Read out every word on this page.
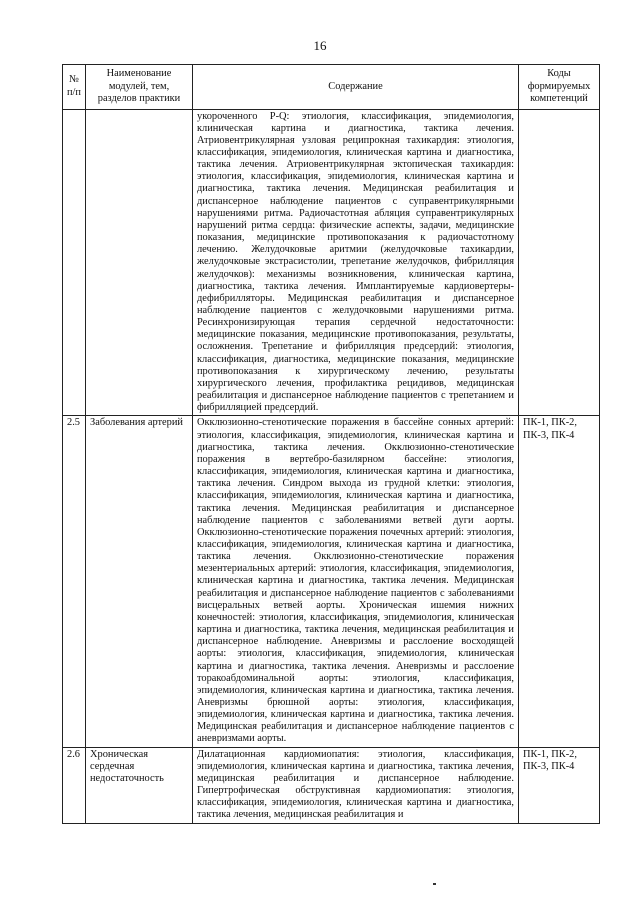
16
№ п/п	Наименование модулей, тем, разделов практики	Содержание	Коды формируемых компетенций
		укороченного P-Q: этиология, классификация, эпидемиология, клиническая картина и диагностика, тактика лечения. Атриовентрикулярная узловая реципрокная тахикардия: этиология, классификация, эпидемиология, клиническая картина и диагностика, тактика лечения. Атриовентрикулярная эктопическая тахикардия: этиология, классификация, эпидемиология, клиническая картина и диагностика, тактика лечения. Медицинская реабилитация и диспансерное наблюдение пациентов с суправентрикулярными нарушениями ритма. Радиочастотная абляция суправентрикулярных нарушений ритма сердца: физические аспекты, задачи, медицинские показания, медицинские противопоказания к радиочастотному лечению. Желудочковые аритмии (желудочковые тахикардии, желудочковые экстрасистолии, трепетание желудочков, фибрилляция желудочков): механизмы возникновения, клиническая картина, диагностика, тактика лечения. Имплантируемые кардиовертеры-дефибрилляторы. Медицинская реабилитация и диспансерное наблюдение пациентов с желудочковыми нарушениями ритма. Ресинхронизирующая терапия сердечной недостаточности: медицинские показания, медицинские противопоказания, результаты, осложнения. Трепетание и фибрилляция предсердий: этиология, классификация, диагностика, медицинские показания, медицинские противопоказания к хирургическому лечению, результаты хирургического лечения, профилактика рецидивов, медицинская реабилитация и диспансерное наблюдение пациентов с трепетанием и фибрилляцией предсердий.	
2.5	Заболевания артерий	Окклюзионно-стенотические поражения в бассейне сонных артерий: этиология, классификация, эпидемиология, клиническая картина и диагностика, тактика лечения. Окклюзионно-стенотические поражения в вертебро-базилярном бассейне: этиология, классификация, эпидемиология, клиническая картина и диагностика, тактика лечения. Синдром выхода из грудной клетки: этиология, классификация, эпидемиология, клиническая картина и диагностика, тактика лечения. Медицинская реабилитация и диспансерное наблюдение пациентов с заболеваниями ветвей дуги аорты. Окклюзионно-стенотические поражения почечных артерий: этиология, классификация, эпидемиология, клиническая картина и диагностика, тактика лечения. Окклюзионно-стенотические поражения мезентериальных артерий: этиология, классификация, эпидемиология, клиническая картина и диагностика, тактика лечения. Медицинская реабилитация и диспансерное наблюдение пациентов с заболеваниями висцеральных ветвей аорты. Хроническая ишемия нижних конечностей: этиология, классификация, эпидемиология, клиническая картина и диагностика, тактика лечения, медицинская реабилитация и диспансерное наблюдение. Аневризмы и расслоение восходящей аорты: этиология, классификация, эпидемиология, клиническая картина и диагностика, тактика лечения. Аневризмы и расслоение торакоабдоминальной аорты: этиология, классификация, эпидемиология, клиническая картина и диагностика, тактика лечения. Аневризмы брюшной аорты: этиология, классификация, эпидемиология, клиническая картина и диагностика, тактика лечения. Медицинская реабилитация и диспансерное наблюдение пациентов с аневризмами аорты.	ПК-1, ПК-2, ПК-3, ПК-4
2.6	Хроническая сердечная недостаточность	Дилатационная кардиомиопатия: этиология, классификация, эпидемиология, клиническая картина и диагностика, тактика лечения, медицинская реабилитация и диспансерное наблюдение. Гипертрофическая обструктивная кардиомиопатия: этиология, классификация, эпидемиология, клиническая картина и диагностика, тактика лечения, медицинская реабилитация и	ПК-1, ПК-2, ПК-3, ПК-4
